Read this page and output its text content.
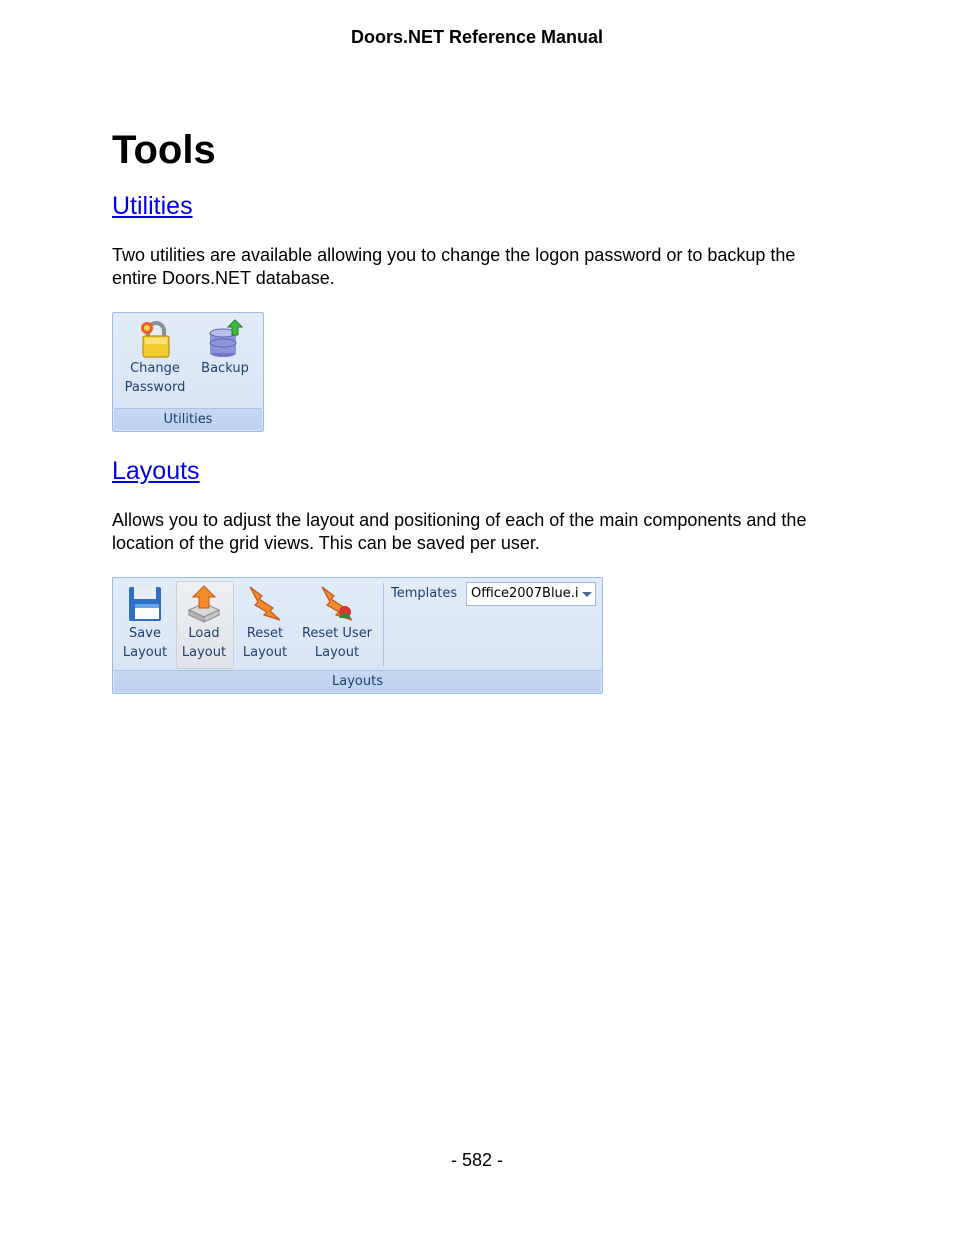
Doors.NET Reference Manual
Tools
Utilities

Two utilities are available allowing you to change the logon password or to backup the entire Doors.NET database.

Change
Password
Backup
Utilities
Layouts

Allows you to adjust the layout and positioning of each of the main components and the location of the grid views. This can be saved per user.

Save
Layout
Load
Layout
Reset
Layout
Reset User
Layout
Templates	Office2007Blue.i
Layouts
- 582 -
